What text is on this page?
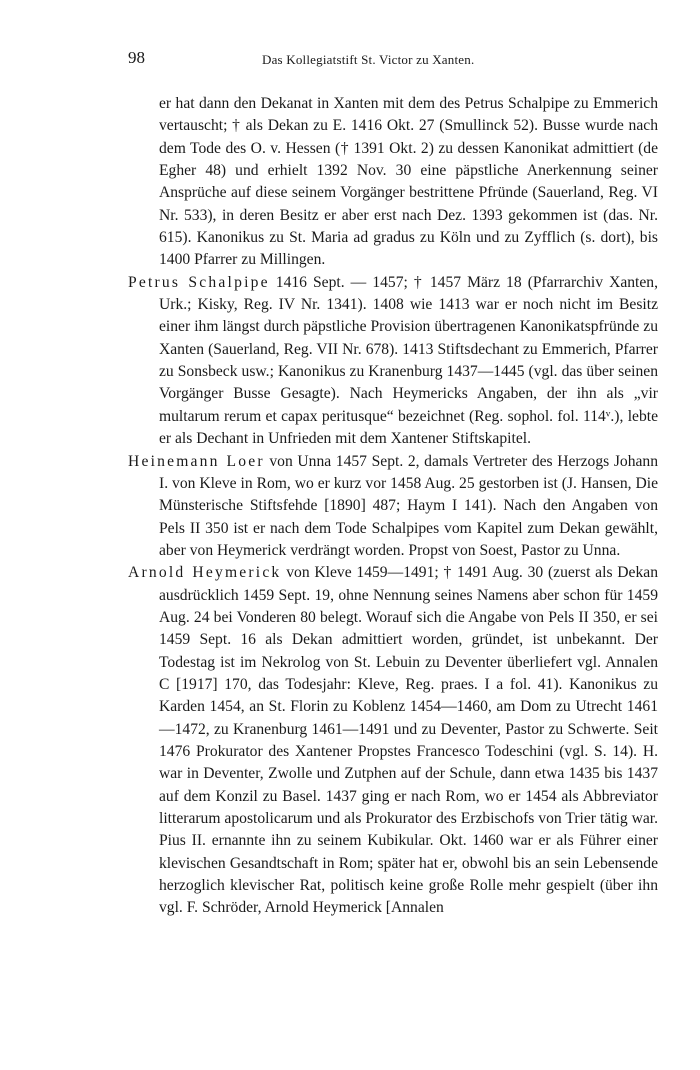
98	Das Kollegiatstift St. Victor zu Xanten.

er hat dann den Dekanat in Xanten mit dem des Petrus Schalpipe zu Emmerich vertauscht; † als Dekan zu E. 1416 Okt. 27 (Smullinck 52). Busse wurde nach dem Tode des O. v. Hessen († 1391 Okt. 2) zu dessen Kanonikat admittiert (de Egher 48) und erhielt 1392 Nov. 30 eine päpstliche Anerkennung seiner Ansprüche auf diese seinem Vorgänger bestrittene Pfründe (Sauerland, Reg. VI Nr. 533), in deren Besitz er aber erst nach Dez. 1393 gekommen ist (das. Nr. 615). Kanonikus zu St. Maria ad gradus zu Köln und zu Zyfflich (s. dort), bis 1400 Pfarrer zu Millingen.

Petrus Schalpipe 1416 Sept. — 1457; † 1457 März 18 (Pfarrarchiv Xanten, Urk.; Kisky, Reg. IV Nr. 1341). 1408 wie 1413 war er noch nicht im Besitz einer ihm längst durch päpstliche Provision übertragenen Kanonikatspfründe zu Xanten (Sauerland, Reg. VII Nr. 678). 1413 Stiftsdechant zu Emmerich, Pfarrer zu Sonsbeck usw.; Kanonikus zu Kranenburg 1437—1445 (vgl. das über seinen Vorgänger Busse Gesagte). Nach Heymericks Angaben, der ihn als „vir multarum rerum et capax peritusque“ bezeichnet (Reg. sophol. fol. 114ᵛ.), lebte er als Dechant in Unfrieden mit dem Xantener Stiftskapitel.

Heinemann Loer von Unna 1457 Sept. 2, damals Vertreter des Herzogs Johann I. von Kleve in Rom, wo er kurz vor 1458 Aug. 25 gestorben ist (J. Hansen, Die Münsterische Stiftsfehde [1890] 487; Haym I 141). Nach den Angaben von Pels II 350 ist er nach dem Tode Schalpipes vom Kapitel zum Dekan gewählt, aber von Heymerick verdrängt worden. Propst von Soest, Pastor zu Unna.

Arnold Heymerick von Kleve 1459—1491; † 1491 Aug. 30 (zuerst als Dekan ausdrücklich 1459 Sept. 19, ohne Nennung seines Namens aber schon für 1459 Aug. 24 bei Vonderen 80 belegt. Worauf sich die Angabe von Pels II 350, er sei 1459 Sept. 16 als Dekan admittiert worden, gründet, ist unbekannt. Der Todestag ist im Nekrolog von St. Lebuin zu Deventer überliefert vgl. Annalen C [1917] 170, das Todesjahr: Kleve, Reg. praes. I a fol. 41). Kanonikus zu Karden 1454, an St. Florin zu Koblenz 1454—1460, am Dom zu Utrecht 1461—1472, zu Kranenburg 1461—1491 und zu Deventer, Pastor zu Schwerte. Seit 1476 Prokurator des Xantener Propstes Francesco Todeschini (vgl. S. 14). H. war in Deventer, Zwolle und Zutphen auf der Schule, dann etwa 1435 bis 1437 auf dem Konzil zu Basel. 1437 ging er nach Rom, wo er 1454 als Abbreviator litterarum apostolicarum und als Prokurator des Erzbischofs von Trier tätig war. Pius II. ernannte ihn zu seinem Kubikular. Okt. 1460 war er als Führer einer klevischen Gesandtschaft in Rom; später hat er, obwohl bis an sein Lebensende herzoglich klevischer Rat, politisch keine große Rolle mehr gespielt (über ihn vgl. F. Schröder, Arnold Heymerick [Annalen
